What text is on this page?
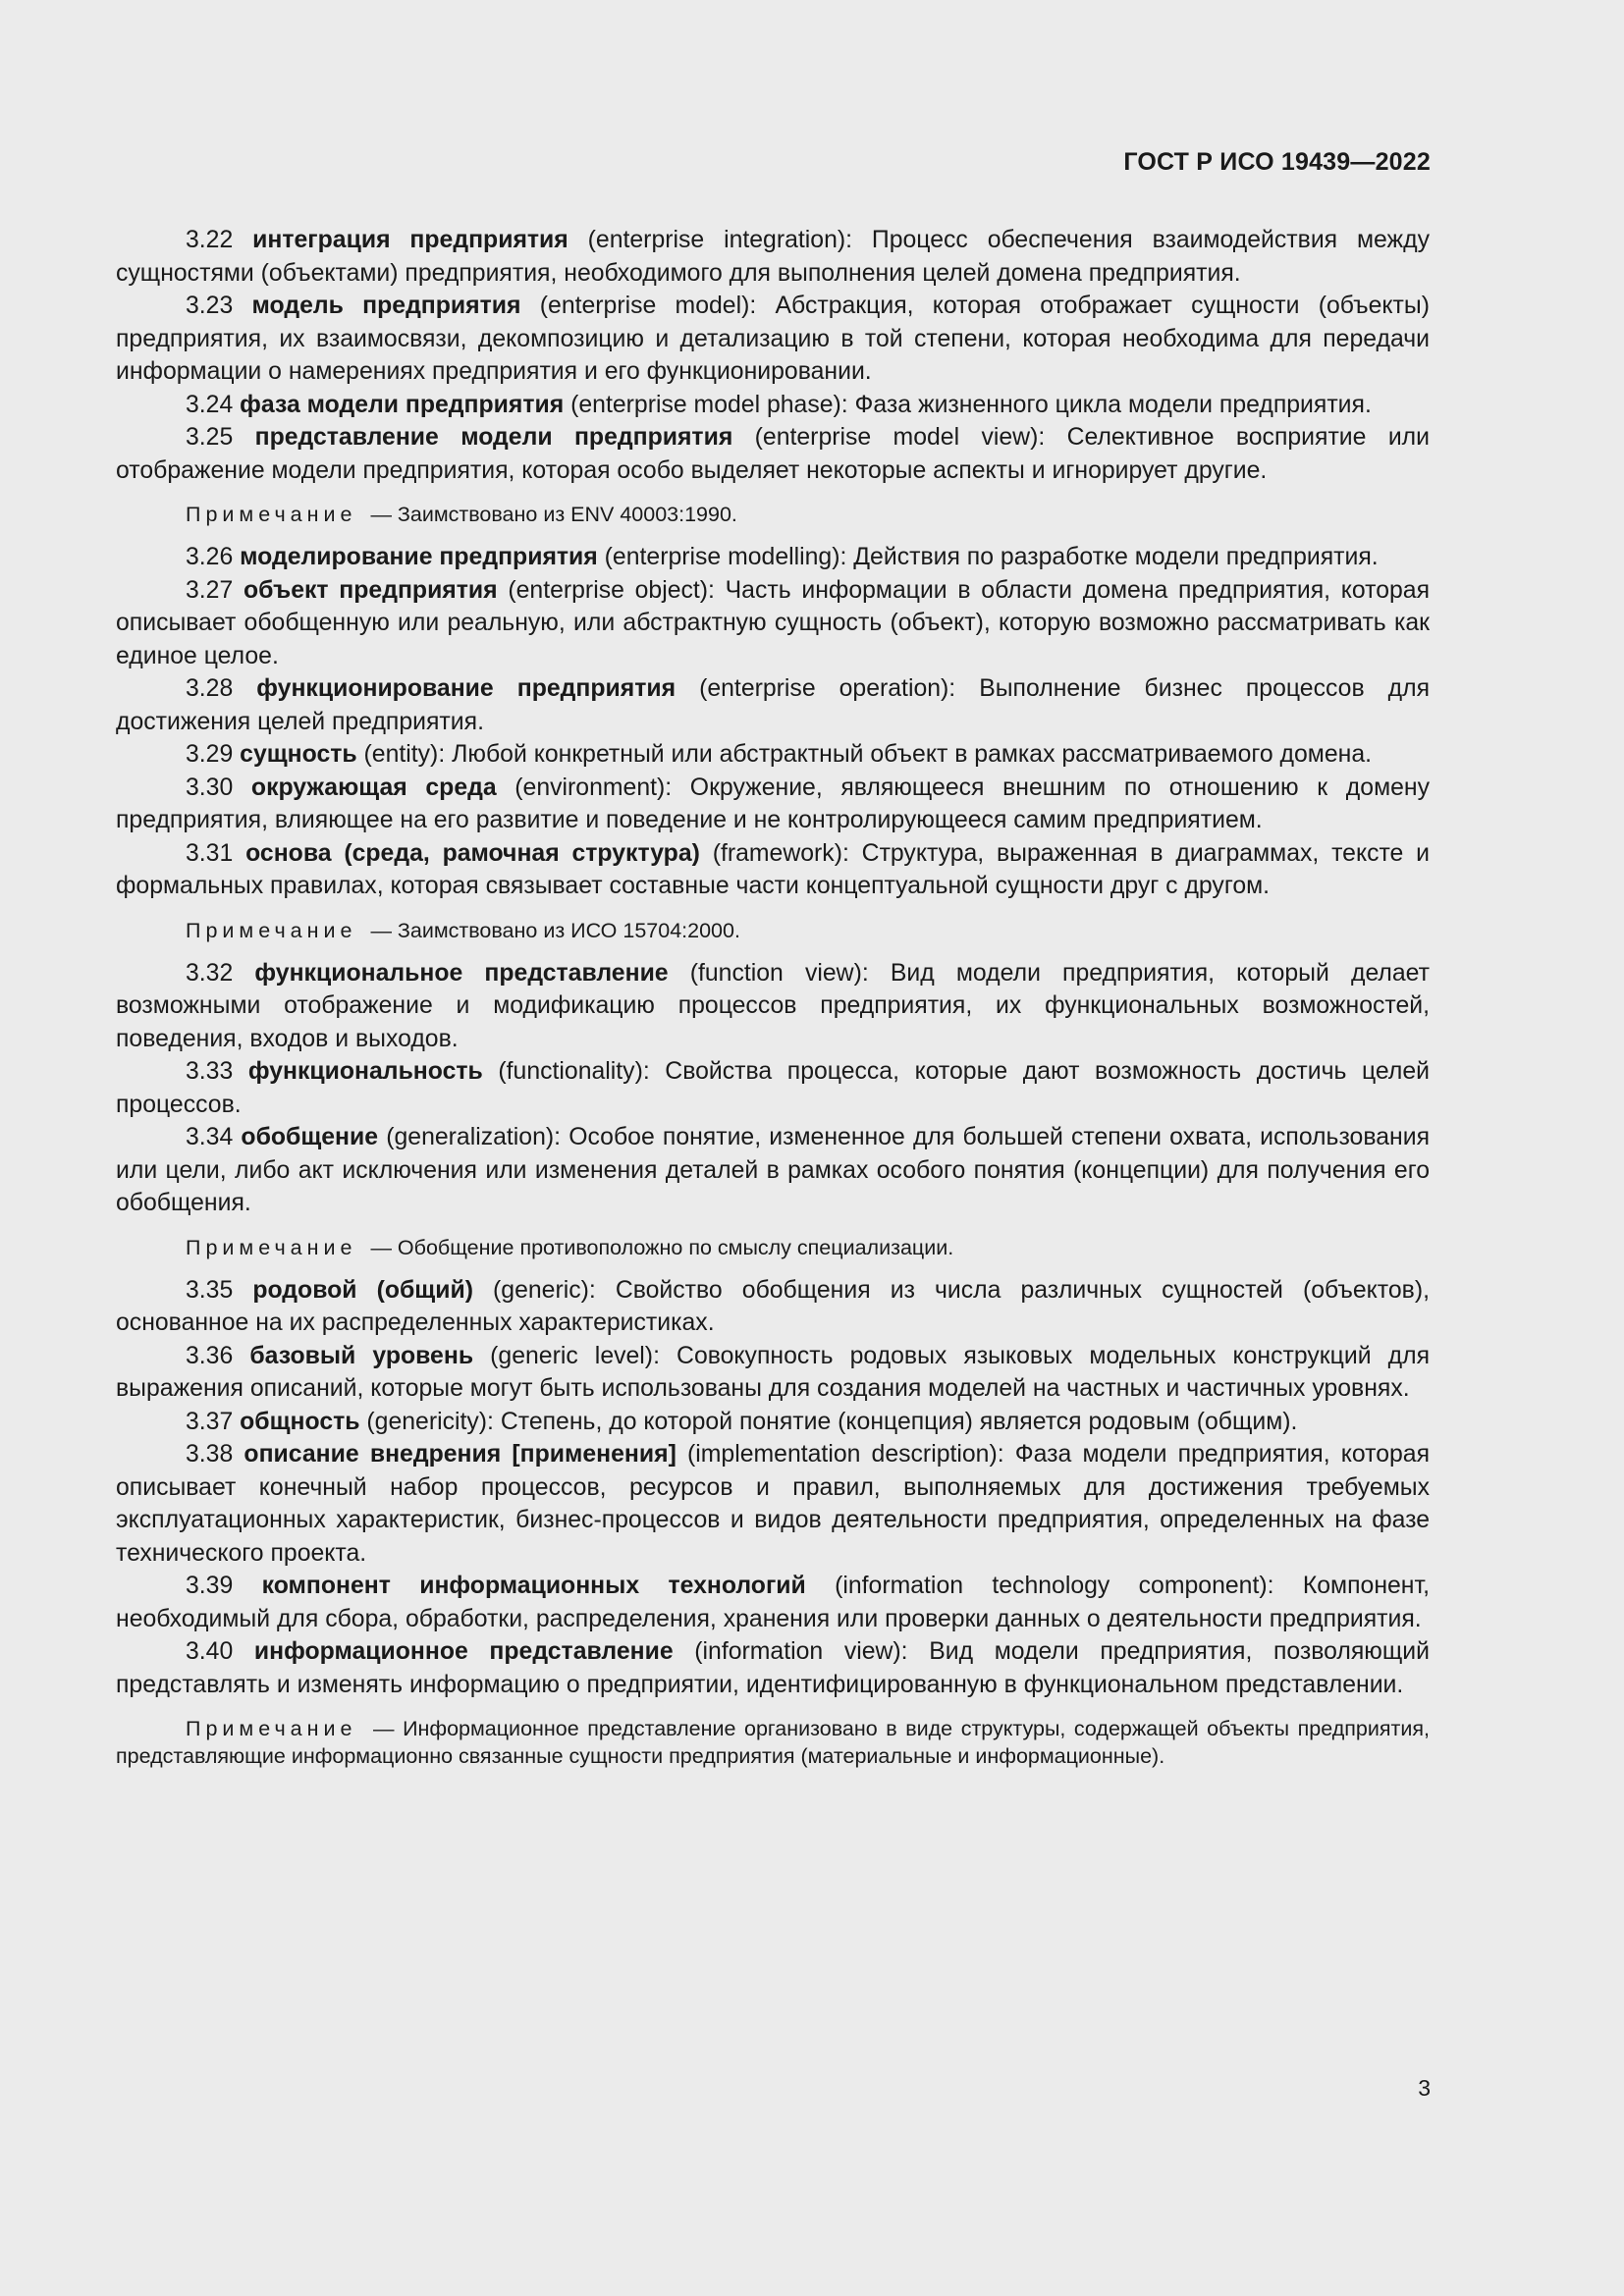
ГОСТ Р ИСО 19439—2022

3.22 интеграция предприятия (enterprise integration): Процесс обеспечения взаимодействия между сущностями (объектами) предприятия, необходимого для выполнения целей домена предприятия.

3.23 модель предприятия (enterprise model): Абстракция, которая отображает сущности (объекты) предприятия, их взаимосвязи, декомпозицию и детализацию в той степени, которая необходима для передачи информации о намерениях предприятия и его функционировании.

3.24 фаза модели предприятия (enterprise model phase): Фаза жизненного цикла модели предприятия.

3.25 представление модели предприятия (enterprise model view): Селективное восприятие или отображение модели предприятия, которая особо выделяет некоторые аспекты и игнорирует другие.

Примечание — Заимствовано из ENV 40003:1990.

3.26 моделирование предприятия (enterprise modelling): Действия по разработке модели предприятия.

3.27 объект предприятия (enterprise object): Часть информации в области домена предприятия, которая описывает обобщенную или реальную, или абстрактную сущность (объект), которую возможно рассматривать как единое целое.

3.28 функционирование предприятия (enterprise operation): Выполнение бизнес процессов для достижения целей предприятия.

3.29 сущность (entity): Любой конкретный или абстрактный объект в рамках рассматриваемого домена.

3.30 окружающая среда (environment): Окружение, являющееся внешним по отношению к домену предприятия, влияющее на его развитие и поведение и не контролирующееся самим предприятием.

3.31 основа (среда, рамочная структура) (framework): Структура, выраженная в диаграммах, тексте и формальных правилах, которая связывает составные части концептуальной сущности друг с другом.

Примечание — Заимствовано из ИСО 15704:2000.

3.32 функциональное представление (function view): Вид модели предприятия, который делает возможными отображение и модификацию процессов предприятия, их функциональных возможностей, поведения, входов и выходов.

3.33 функциональность (functionality): Свойства процесса, которые дают возможность достичь целей процессов.

3.34 обобщение (generalization): Особое понятие, измененное для большей степени охвата, использования или цели, либо акт исключения или изменения деталей в рамках особого понятия (концепции) для получения его обобщения.

Примечание — Обобщение противоположно по смыслу специализации.

3.35 родовой (общий) (generic): Свойство обобщения из числа различных сущностей (объектов), основанное на их распределенных характеристиках.

3.36 базовый уровень (generic level): Совокупность родовых языковых модельных конструкций для выражения описаний, которые могут быть использованы для создания моделей на частных и частичных уровнях.

3.37 общность (genericity): Степень, до которой понятие (концепция) является родовым (общим).

3.38 описание внедрения [применения] (implementation description): Фаза модели предприятия, которая описывает конечный набор процессов, ресурсов и правил, выполняемых для достижения требуемых эксплуатационных характеристик, бизнес-процессов и видов деятельности предприятия, определенных на фазе технического проекта.

3.39 компонент информационных технологий (information technology component): Компонент, необходимый для сбора, обработки, распределения, хранения или проверки данных о деятельности предприятия.

3.40 информационное представление (information view): Вид модели предприятия, позволяющий представлять и изменять информацию о предприятии, идентифицированную в функциональном представлении.

Примечание — Информационное представление организовано в виде структуры, содержащей объекты предприятия, представляющие информационно связанные сущности предприятия (материальные и информационные).

3
